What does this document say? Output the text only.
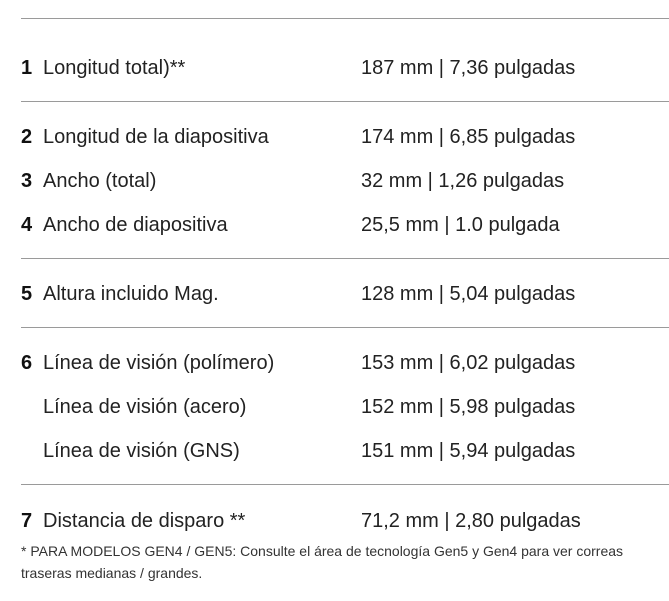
1 Longitud total)**	187 mm | 7,36 pulgadas
2 Longitud de la diapositiva	174 mm | 6,85 pulgadas
3 Ancho (total)	32 mm | 1,26 pulgadas
4 Ancho de diapositiva	25,5 mm | 1.0 pulgada
5 Altura incluido Mag.	128 mm | 5,04 pulgadas
6 Línea de visión (polímero)	153 mm | 6,02 pulgadas
Línea de visión (acero)	152 mm | 5,98 pulgadas
Línea de visión (GNS)	151 mm | 5,94 pulgadas
7 Distancia de disparo **	71,2 mm | 2,80 pulgadas
* PARA MODELOS GEN4 / GEN5: Consulte el área de tecnología Gen5 y Gen4 para ver correas traseras medianas / grandes.
